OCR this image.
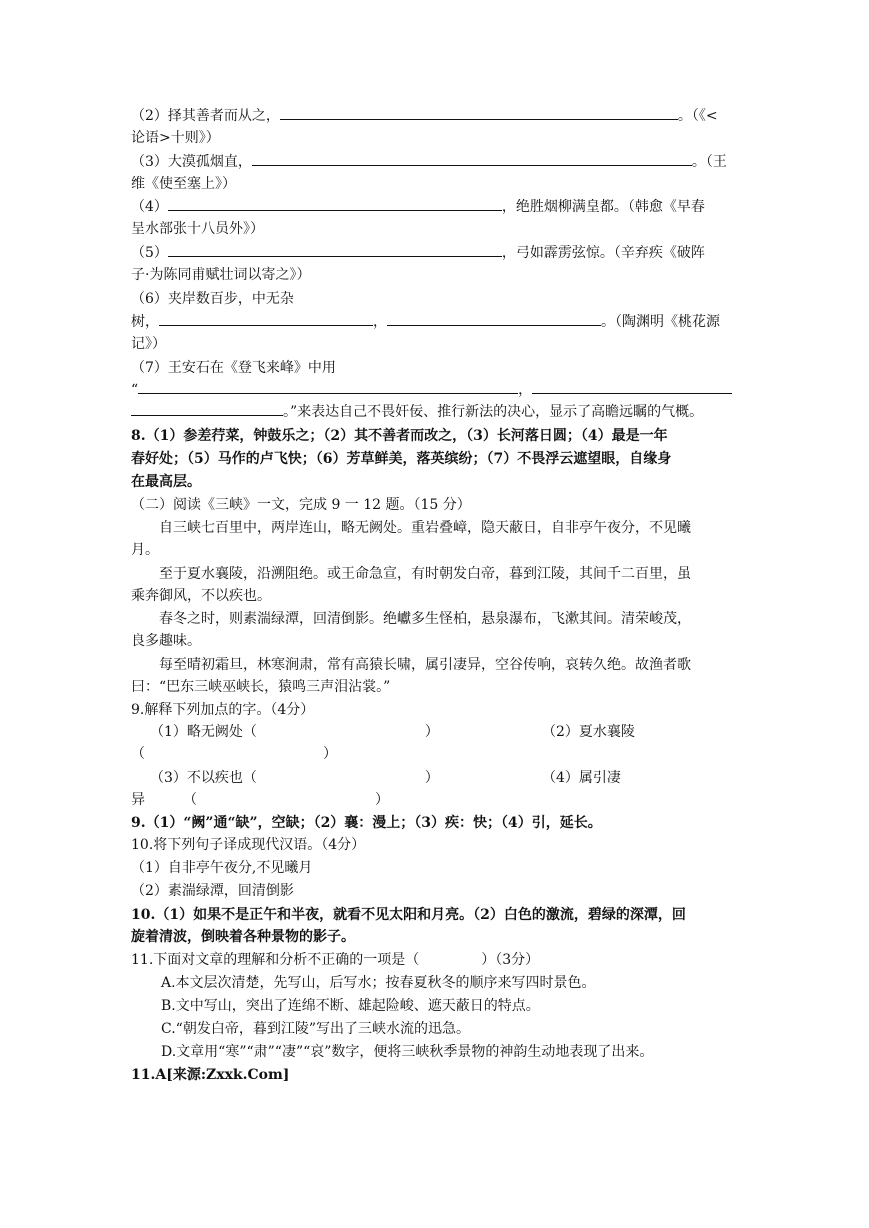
（2）择其善者而从之，	。（《<
论语>十则》）
（3）大漠孤烟直，	。（王
维《使至塞上》）
（4）	，绝胜烟柳满皇都。（韩愈《早春
呈水部张十八员外》）
（5）	，弓如霹雳弦惊。（辛弃疾《破阵
子·为陈同甫赋壮词以寄之》）
（6）夹岸数百步，中无杂
树，	，	。（陶渊明《桃花源
记》）
（7）王安石在《登飞来峰》中用
“	，
。”来表达自己不畏奸佞、推行新法的决心，显示了高瞻远瞩的气概。
8.（1）参差荇菜，钟鼓乐之；（2）其不善者而改之，（3）长河落日圆；（4）最是一年
春好处；（5）马作的卢飞快；（6）芳草鲜美，落英缤纷；（7）不畏浮云遮望眼，自缘身
在最高层。
（二）阅读《三峡》一文，完成 9 一 12 题。（15 分）
自三峡七百里中，两岸连山，略无阙处。重岩叠嶂，隐天蔽日，自非亭午夜分，不见曦
月。
至于夏水襄陵，沿溯阻绝。或王命急宣，有时朝发白帝，暮到江陵，其间千二百里，虽
乘奔御风，不以疾也。
春冬之时，则素湍绿潭，回清倒影。绝巘多生怪柏，悬泉瀑布，飞漱其间。清荣峻茂，
良多趣味。
每至晴初霜旦，林寒涧肃，常有高猿长啸，属引凄异，空谷传响，哀转久绝。故渔者歌
曰：“巴东三峡巫峡长，猿鸣三声泪沾裳。”
9.解释下列加点的字。（4分）
（1）略无阙处（	）	（2）夏水襄陵
（	）
（3）不以疾也（	）	（4）属引凄
异	（	）
9.（1）“阙”通“缺”，空缺；（2）襄：漫上；（3）疾：快；（4）引，延长。
10.将下列句子译成现代汉语。（4分）
（1）自非亭午夜分,不见曦月
（2）素湍绿潭，回清倒影
10.（1）如果不是正午和半夜，就看不见太阳和月亮。（2）白色的激流，碧绿的深潭，回
旋着清波，倒映着各种景物的影子。
11.下面对文章的理解和分析不正确的一项是（	）（3分）
A.本文层次清楚，先写山，后写水；按春夏秋冬的顺序来写四时景色。
B.文中写山，突出了连绵不断、雄起险峻、遮天蔽日的特点。
C.“朝发白帝，暮到江陵”写出了三峡水流的迅急。
D.文章用“寒”“肃”“凄”“哀”数字，便将三峡秋季景物的神韵生动地表现了出来。
11.A[来源:Zxxk.Com]
